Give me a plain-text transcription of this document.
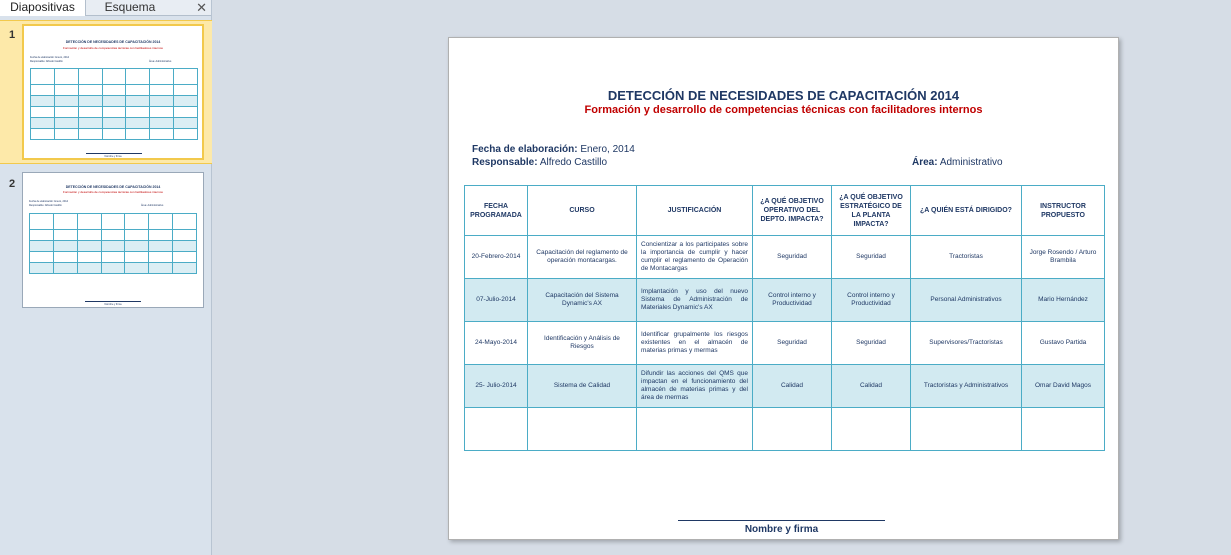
Diapositivas	Esquema	✕
1
DETECCIÓN DE NECESIDADES DE CAPACITACIÓN 2014
Formación y desarrollo de competencias técnicas con facilitadores internos
Fecha de elaboración: Enero, 2014
Responsable: Alfredo Castillo	Área: Administrativo

Nombre y firma
2	DETECCIÓN DE NECESIDADES DE CAPACITACIÓN 2014
Formación y desarrollo de competencias técnicas con facilitadores internos
Fecha de elaboración: Enero, 2014
Responsable: Alfredo Castillo	Área: Administrativo

Nombre y firma
DETECCIÓN DE NECESIDADES DE CAPACITACIÓN 2014
Formación y desarrollo de competencias técnicas con facilitadores internos
Fecha de elaboración: Enero, 2014
Responsable: Alfredo Castillo	Área: Administrativo
FECHA PROGRAMADA	CURSO	JUSTIFICACIÓN	¿A QUÉ OBJETIVO OPERATIVO DEL DEPTO. IMPACTA?	¿A QUÉ OBJETIVO ESTRATÉGICO DE LA PLANTA IMPACTA?	¿A QUIÉN ESTÁ DIRIGIDO?	INSTRUCTOR PROPUESTO
20-Febrero-2014	Capacitación del reglamento de operación montacargas.	Concientizar a los participates sobre la importancia de cumplir y hacer cumplir el reglamento de Operación de Montacargas	Seguridad	Seguridad	Tractoristas	Jorge Rosendo / Arturo Brambila
07-Julio-2014	Capacitación del Sistema Dynamic's AX	Implantación y uso del nuevo Sistema de Administración de Materiales Dynamic's AX	Control interno y Productividad	Control interno y Productividad	Personal Administrativos	Mario Hernández
24-Mayo-2014	Identificación y Análisis de Riesgos	Identificar grupalmente los riesgos existentes en el almacén de materias primas y mermas	Seguridad	Seguridad	Supervisores/Tractoristas	Gustavo Partida
25- Julio-2014	Sistema de Calidad	Difundir las acciones del QMS que impactan en el funcionamiento del almacén de materias primas y del área de mermas	Calidad	Calidad	Tractoristas y Administrativos	Omar David Magos

Nombre y firma
